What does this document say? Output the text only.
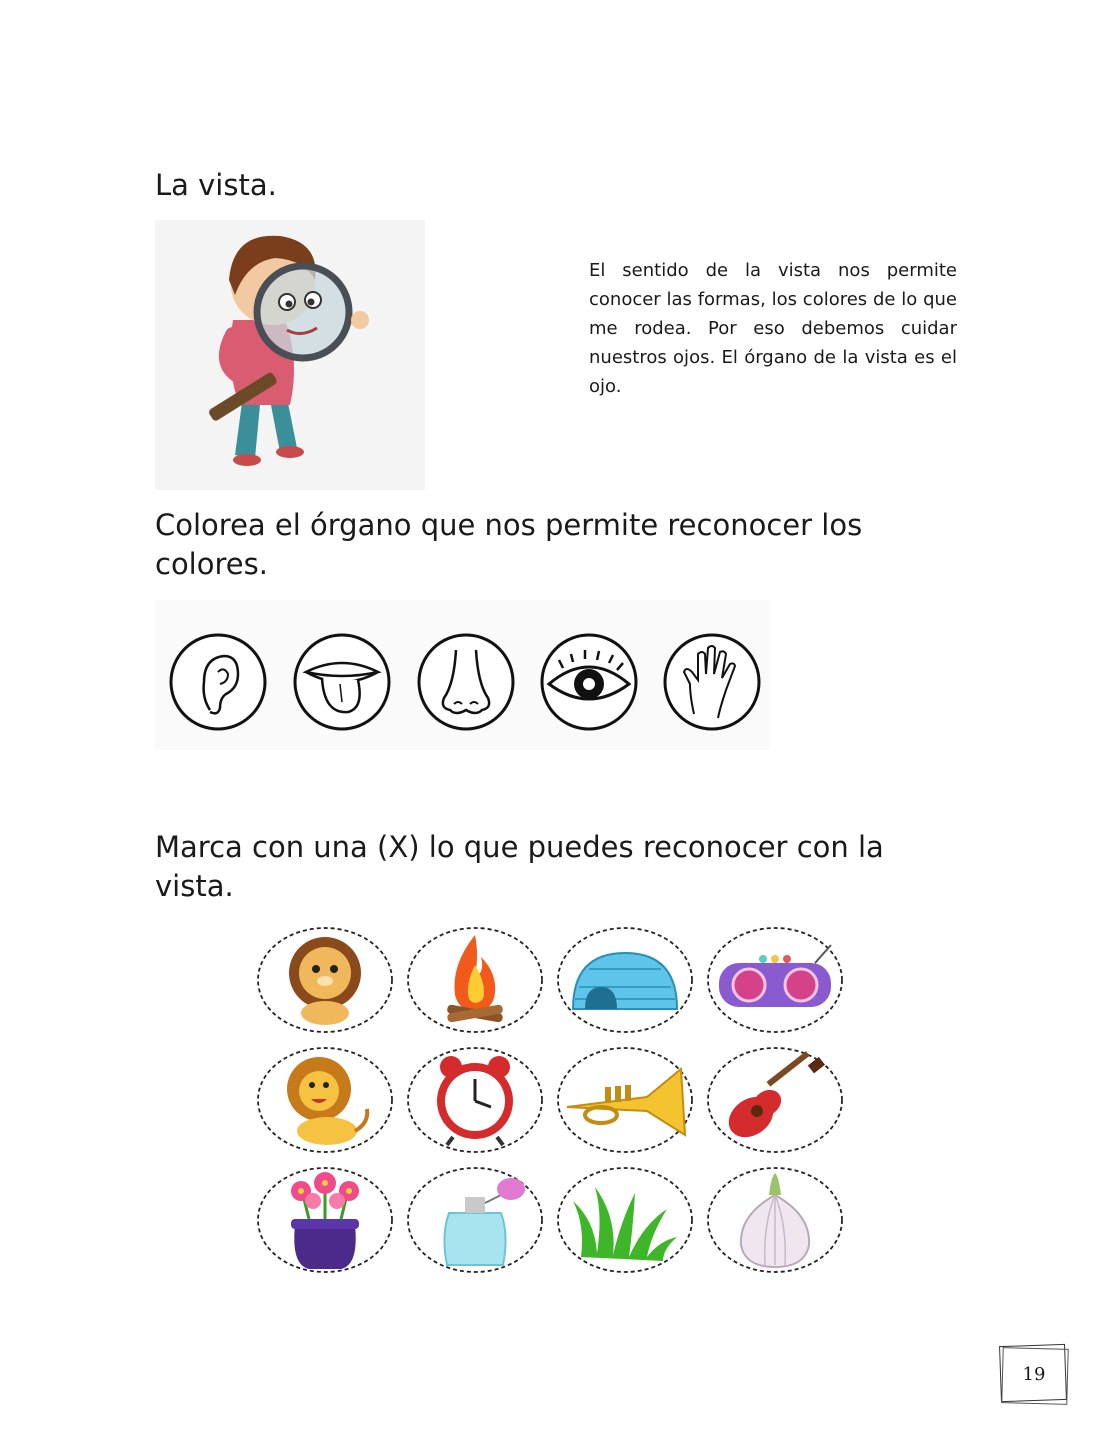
La vista.

El sentido de la vista nos permite conocer las formas, los colores de lo que me rodea. Por eso debemos cuidar nuestros ojos. El órgano de la vista es el ojo.

Colorea el órgano que nos permite reconocer los colores.
Marca con una (X) lo que puedes reconocer con la vista.
19
